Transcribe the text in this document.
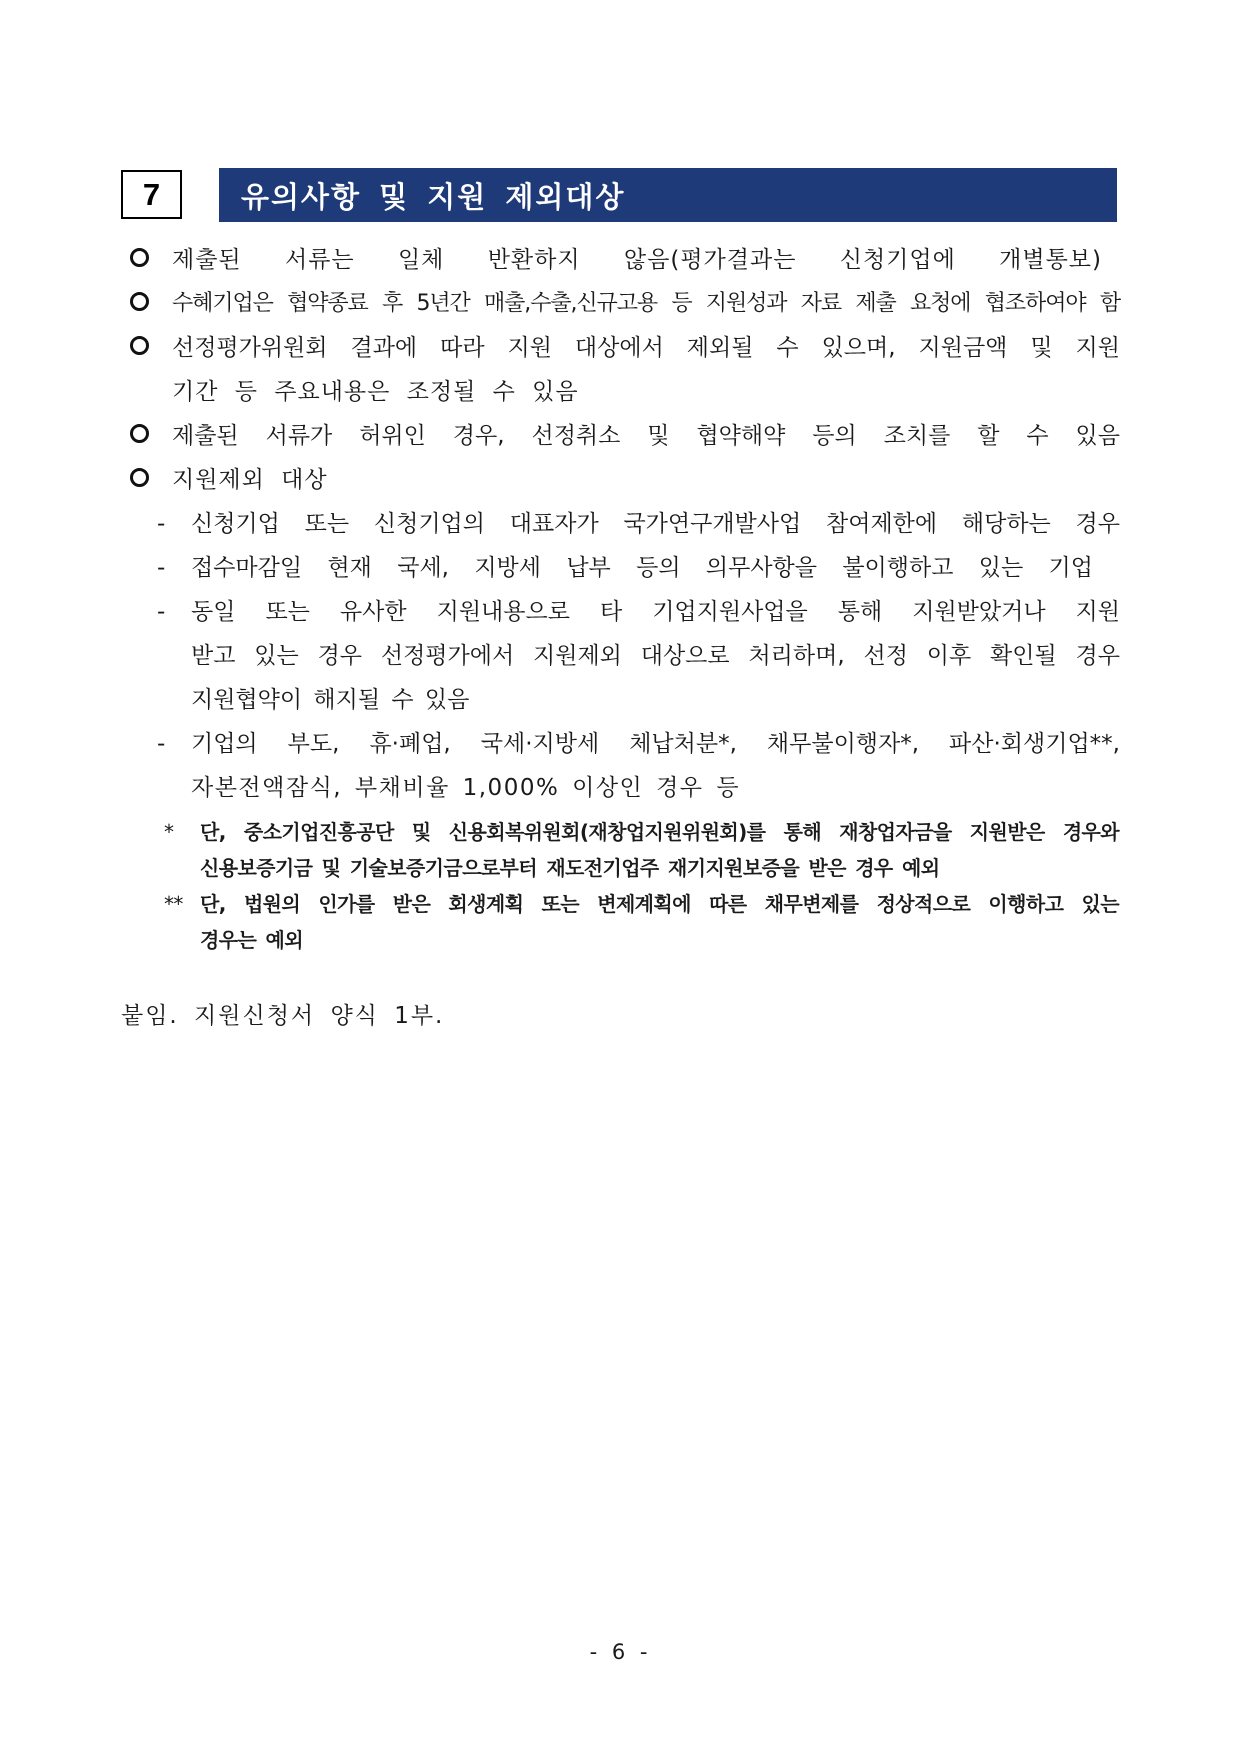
7	유의사항 및 지원 제외대상
제출된 서류는 일체 반환하지 않음(평가결과는 신청기업에 개별통보)
수혜기업은 협약종료 후 5년간 매출,수출,신규고용 등 지원성과 자료 제출 요청에 협조하여야 함
선정평가위원회 결과에 따라 지원 대상에서 제외될 수 있으며, 지원금액 및 지원
기간 등 주요내용은 조정될 수 있음
제출된 서류가 허위인 경우, 선정취소 및 협약해약 등의 조치를 할 수 있음
지원제외 대상
- 신청기업 또는 신청기업의 대표자가 국가연구개발사업 참여제한에 해당하는 경우
- 접수마감일 현재 국세, 지방세 납부 등의 의무사항을 불이행하고 있는 기업
- 동일 또는 유사한 지원내용으로 타 기업지원사업을 통해 지원받았거나 지원
받고 있는 경우 선정평가에서 지원제외 대상으로 처리하며, 선정 이후 확인될 경우
지원협약이 해지될 수 있음
- 기업의 부도, 휴·폐업, 국세·지방세 체납처분*, 채무불이행자*, 파산·회생기업**,
자본전액잠식, 부채비율 1,000% 이상인 경우 등
* 단, 중소기업진흥공단 및 신용회복위원회(재창업지원위원회)를 통해 재창업자금을 지원받은 경우와
신용보증기금 및 기술보증기금으로부터 재도전기업주 재기지원보증을 받은 경우 예외
** 단, 법원의 인가를 받은 회생계획 또는 변제계획에 따른 채무변제를 정상적으로 이행하고 있는
경우는 예외
붙임. 지원신청서 양식 1부.
- 6 -
